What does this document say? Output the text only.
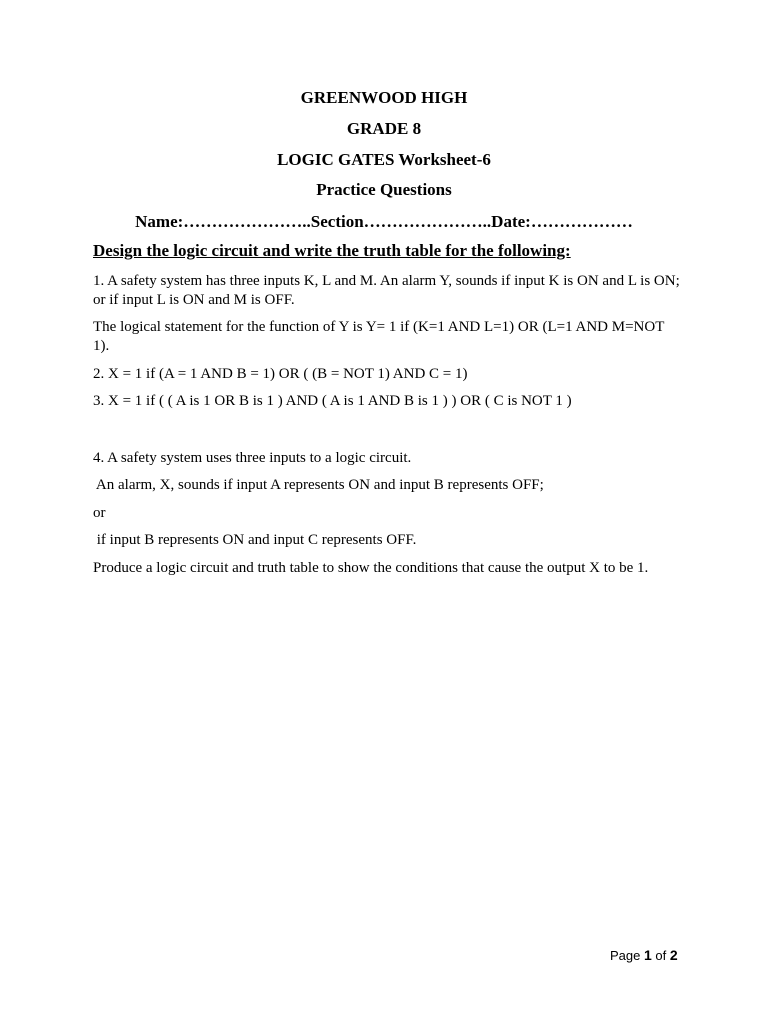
GREENWOOD HIGH
GRADE 8
LOGIC GATES Worksheet-6
Practice Questions
Name:…………………..Section…………………..Date:………………
Design the logic circuit and write the truth table for the following:
1. A safety system has three inputs K, L and M. An alarm Y, sounds if input K is ON and L is ON; or if input L is ON and M is OFF.
The logical statement for the function of Y is Y= 1 if (K=1 AND L=1) OR (L=1 AND M=NOT 1).
2. X = 1 if (A = 1 AND B = 1) OR ( (B = NOT 1) AND C = 1)
3. X = 1 if ( ( A is 1 OR B is 1 ) AND ( A is 1 AND B is 1 ) ) OR ( C is NOT 1 )
4. A safety system uses three inputs to a logic circuit.
An alarm, X, sounds if input A represents ON and input B represents OFF;
or
if input B represents ON and input C represents OFF.
Produce a logic circuit and truth table to show the conditions that cause the output X to be 1.
Page 1 of 2
